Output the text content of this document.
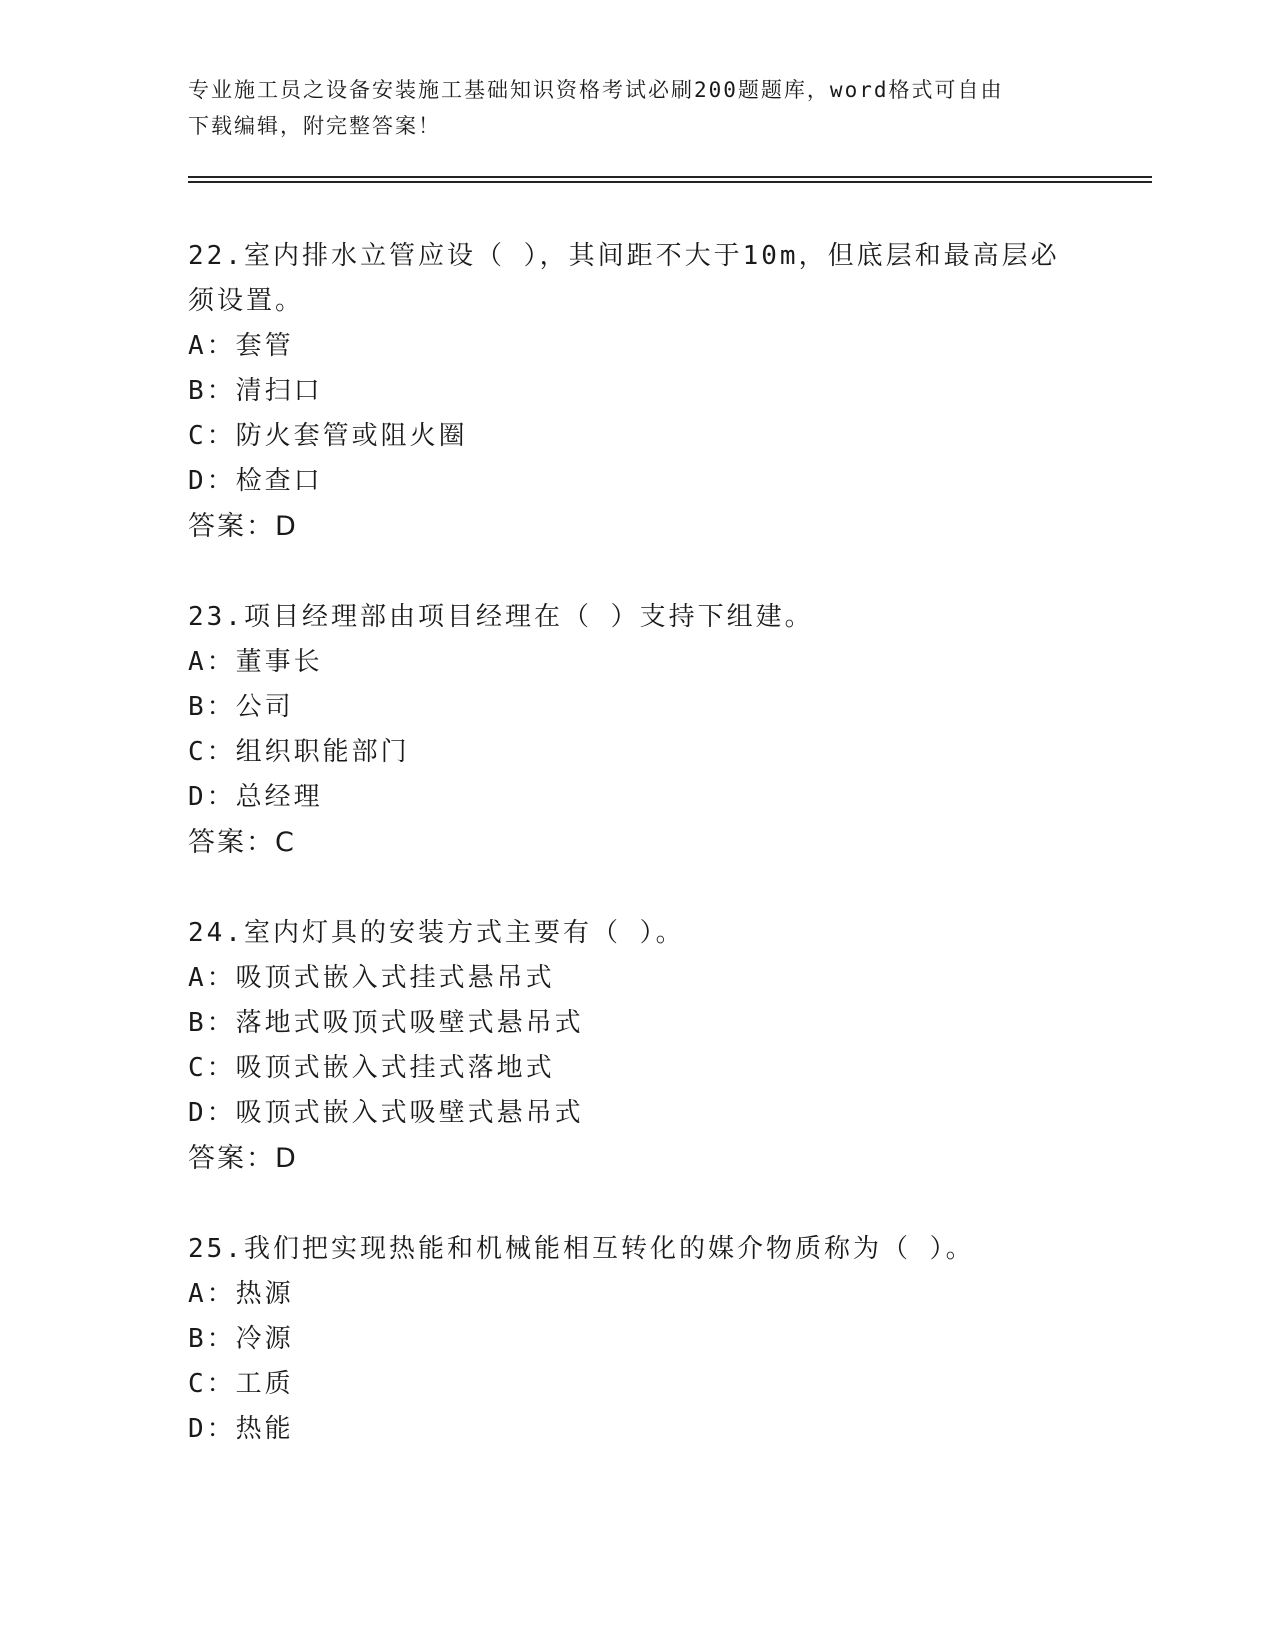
专业施工员之设备安装施工基础知识资格考试必刷200题题库，word格式可自由
下载编辑，附完整答案！
22.室内排水立管应设（ ），其间距不大于10m，但底层和最高层必须设置。
A：套管
B：清扫口
C：防火套管或阻火圈
D：检查口
答案：D
23.项目经理部由项目经理在（ ）支持下组建。
A：董事长
B：公司
C：组织职能部门
D：总经理
答案：C
24.室内灯具的安装方式主要有（ ）。
A：吸顶式嵌入式挂式悬吊式
B：落地式吸顶式吸壁式悬吊式
C：吸顶式嵌入式挂式落地式
D：吸顶式嵌入式吸壁式悬吊式
答案：D
25.我们把实现热能和机械能相互转化的媒介物质称为（ ）。
A：热源
B：冷源
C：工质
D：热能
